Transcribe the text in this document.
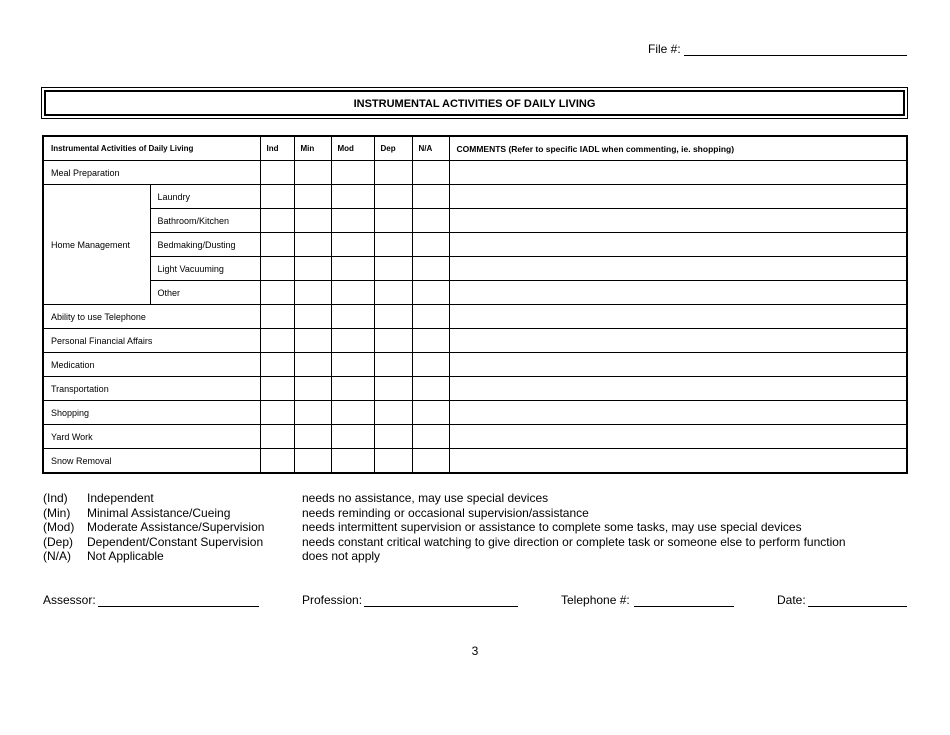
File #:
INSTRUMENTAL ACTIVITIES OF DAILY LIVING
Instrumental Activities of Daily Living		Ind	Min	Mod	Dep	N/A	COMMENTS (Refer to specific IADL when commenting, ie. shopping)
Meal Preparation							
Home Management	Laundry						
	Bathroom/Kitchen						
	Bedmaking/Dusting						
	Light Vacuuming						
	Other						
Ability to use Telephone							
Personal Financial Affairs							
Medication							
Transportation							
Shopping							
Yard Work							
Snow Removal							
(Ind)	Independent	needs no assistance, may use special devices
(Min)	Minimal Assistance/Cueing	needs reminding or occasional supervision/assistance
(Mod)	Moderate Assistance/Supervision	needs intermittent supervision or assistance to complete some tasks, may use special devices
(Dep)	Dependent/Constant Supervision	needs constant critical watching to give direction or complete task or someone else to perform function
(N/A)	Not Applicable	does not apply
Assessor:	Profession:	Telephone #:	Date:
3
